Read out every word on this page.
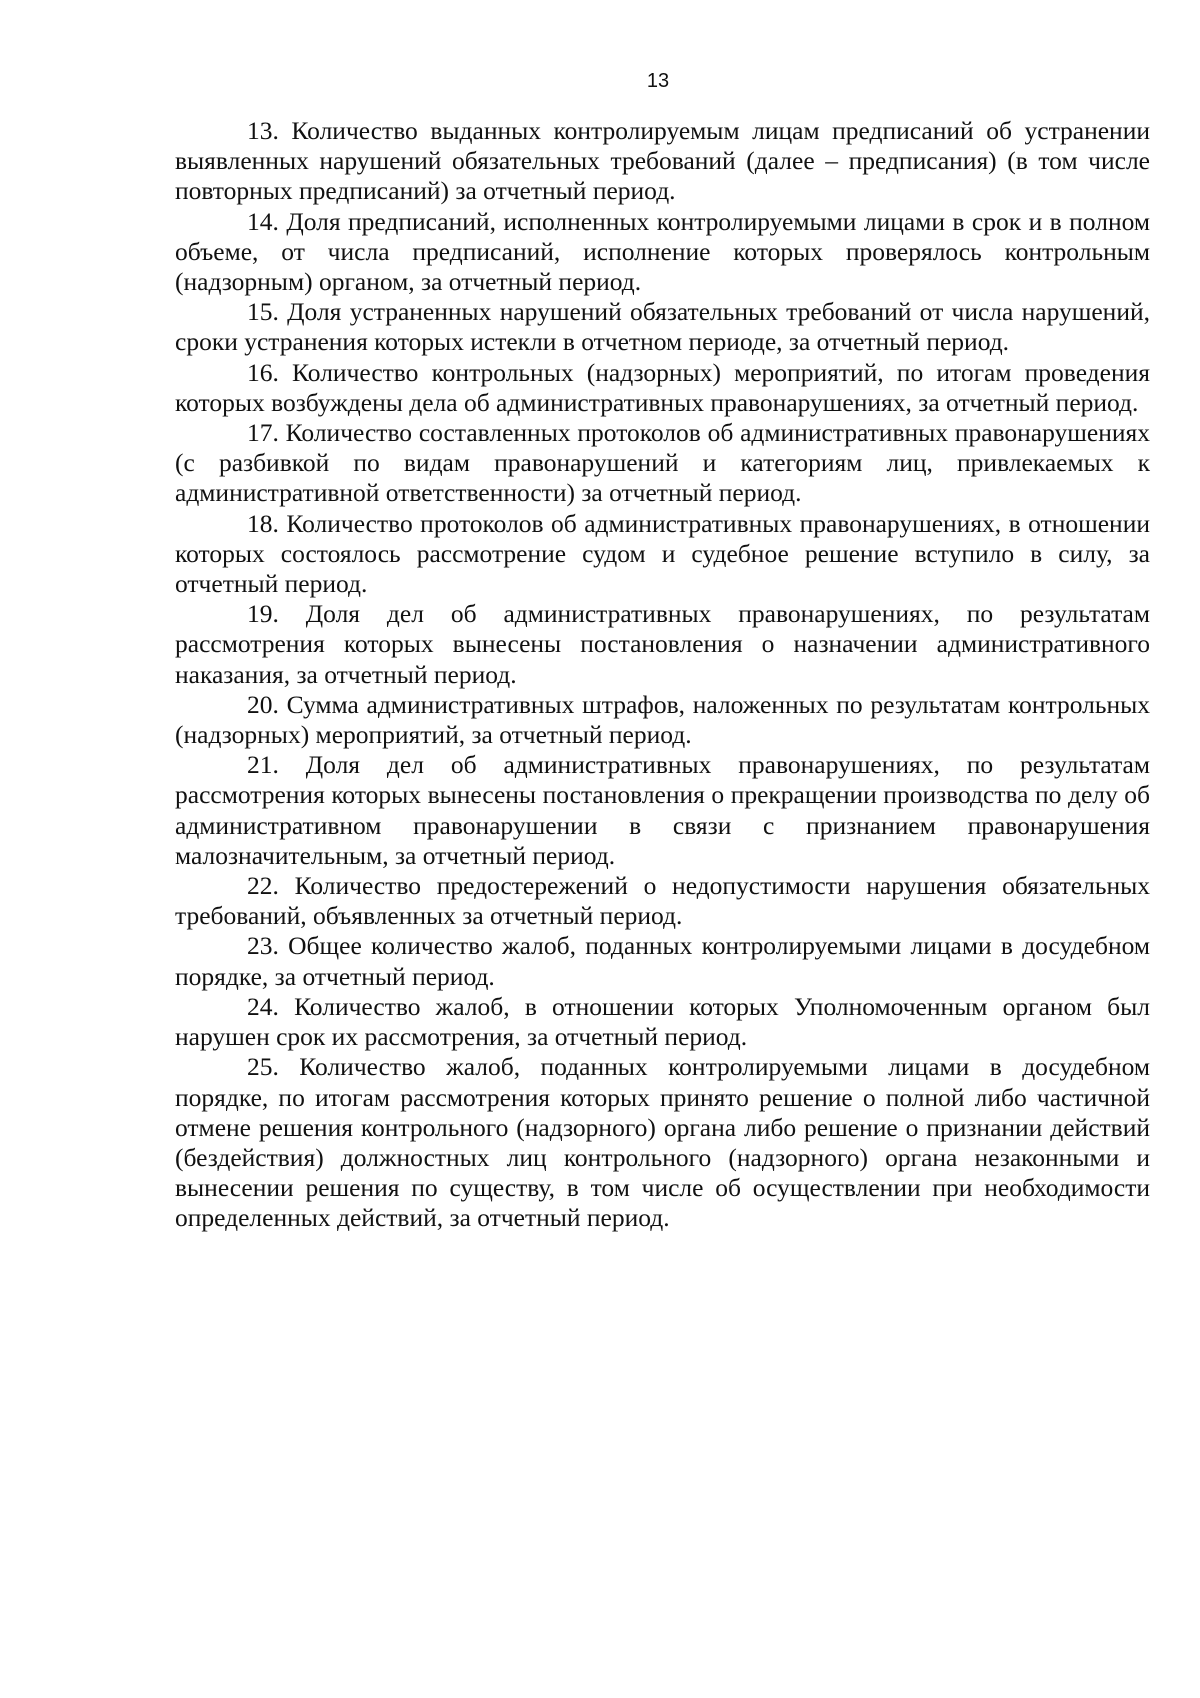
13

13. Количество выданных контролируемым лицам предписаний об устранении выявленных нарушений обязательных требований (далее – предписания) (в том числе повторных предписаний) за отчетный период.

14. Доля предписаний, исполненных контролируемыми лицами в срок и в полном объеме, от числа предписаний, исполнение которых проверялось контрольным (надзорным) органом, за отчетный период.

15. Доля устраненных нарушений обязательных требований от числа нарушений, сроки устранения которых истекли в отчетном периоде, за отчетный период.

16. Количество контрольных (надзорных) мероприятий, по итогам проведения которых возбуждены дела об административных правонарушениях, за отчетный период.

17. Количество составленных протоколов об административных правонарушениях (с разбивкой по видам правонарушений и категориям лиц, привлекаемых к административной ответственности) за отчетный период.

18. Количество протоколов об административных правонарушениях, в отношении которых состоялось рассмотрение судом и судебное решение вступило в силу, за отчетный период.

19. Доля дел об административных правонарушениях, по результатам рассмотрения которых вынесены постановления о назначении административного наказания, за отчетный период.

20. Сумма административных штрафов, наложенных по результатам контрольных (надзорных) мероприятий, за отчетный период.

21. Доля дел об административных правонарушениях, по результатам рассмотрения которых вынесены постановления о прекращении производства по делу об административном правонарушении в связи с признанием правонарушения малозначительным, за отчетный период.

22. Количество предостережений о недопустимости нарушения обязательных требований, объявленных за отчетный период.

23. Общее количество жалоб, поданных контролируемыми лицами в досудебном порядке, за отчетный период.

24. Количество жалоб, в отношении которых Уполномоченным органом был нарушен срок их рассмотрения, за отчетный период.

25. Количество жалоб, поданных контролируемыми лицами в досудебном порядке, по итогам рассмотрения которых принято решение о полной либо частичной отмене решения контрольного (надзорного) органа либо решение о признании действий (бездействия) должностных лиц контрольного (надзорного) органа незаконными и вынесении решения по существу, в том числе об осуществлении при необходимости определенных действий, за отчетный период.
